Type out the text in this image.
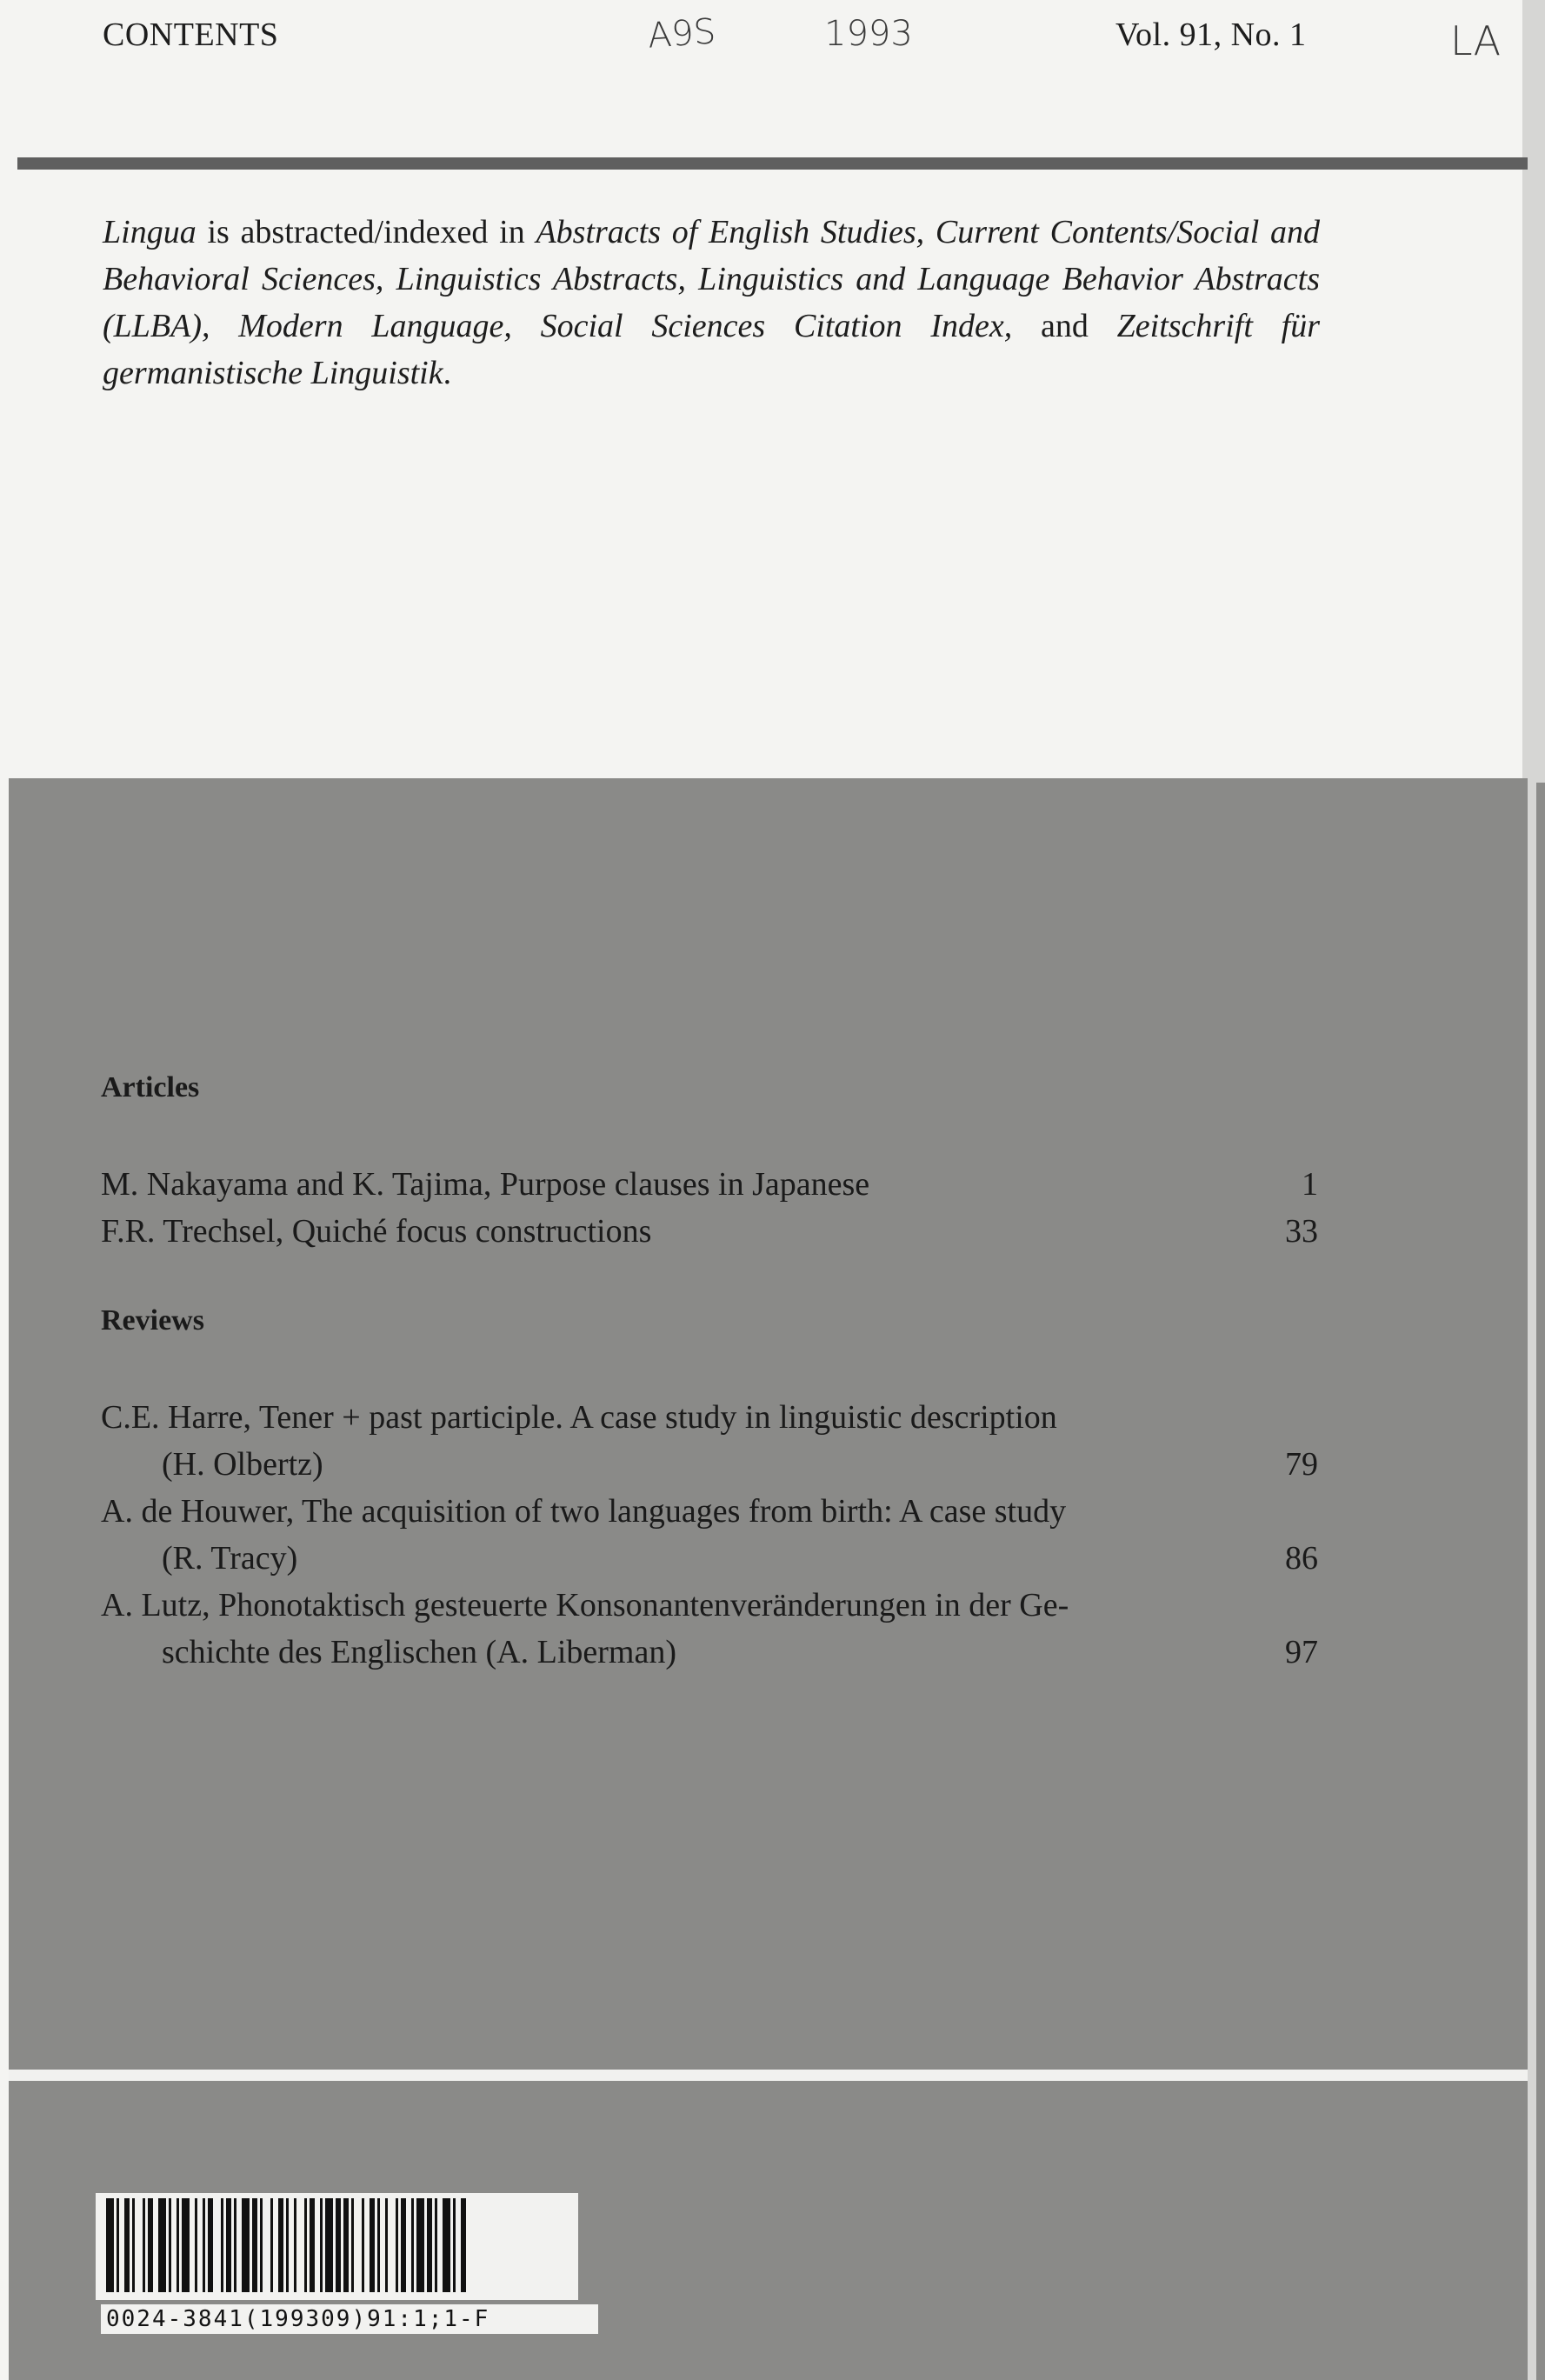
CONTENTS	A9S	1993	Vol. 91, No. 1	LA
Lingua is abstracted/indexed in Abstracts of English Studies, Current Contents/Social and Behavioral Sciences, Linguistics Abstracts, Linguistics and Language Behavior Abstracts (LLBA), Modern Language, Social Sciences Citation Index, and Zeitschrift für germanistische Linguistik.
Articles
M. Nakayama and K. Tajima, Purpose clauses in Japanese	1
F.R. Trechsel, Quiché focus constructions	33
Reviews
C.E. Harre, Tener + past participle. A case study in linguistic description
(H. Olbertz)	79
A. de Houwer, The acquisition of two languages from birth: A case study
(R. Tracy)	86
A. Lutz, Phonotaktisch gesteuerte Konsonantenveränderungen in der Ge-
schichte des Englischen (A. Liberman)	97
0024-3841(199309)91:1;1-F
